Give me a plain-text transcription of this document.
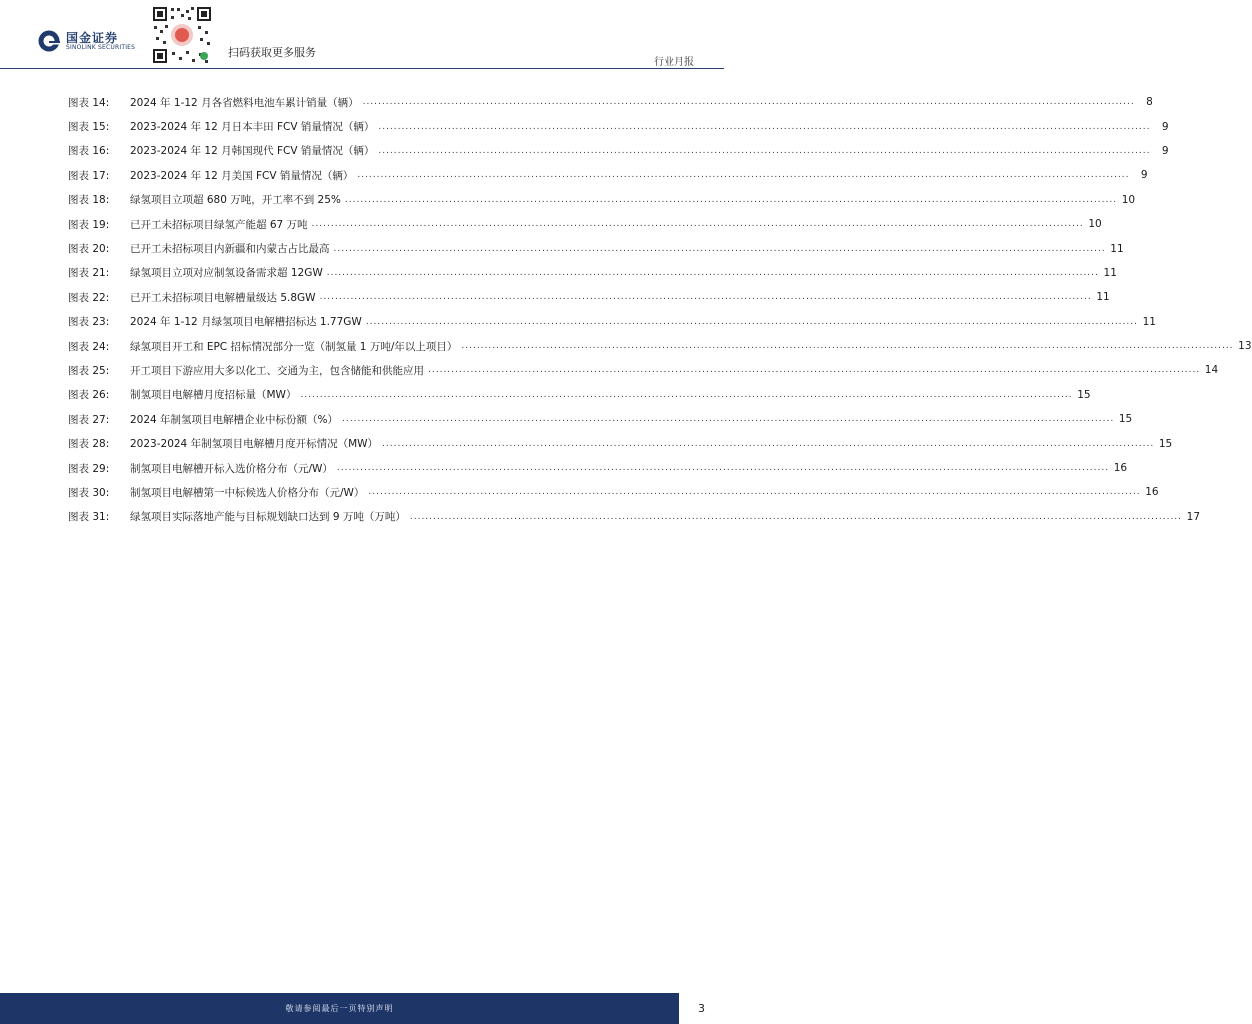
国金证券
SINOLINK SECURITIES	扫码获取更多服务
行业月报
图表 14:	2024 年 1-12 月各省燃料电池车累计销量（辆） ........................................................................................................................................................................................................	8
图表 15:	2023-2024 年 12 月日本丰田 FCV 销量情况（辆） ........................................................................................................................................................................................................	9
图表 16:	2023-2024 年 12 月韩国现代 FCV 销量情况（辆） ........................................................................................................................................................................................................	9
图表 17:	2023-2024 年 12 月美国 FCV 销量情况（辆） ........................................................................................................................................................................................................	9
图表 18:	绿氢项目立项超 680 万吨，开工率不到 25% ........................................................................................................................................................................................................ 10
图表 19:	已开工未招标项目绿氢产能超 67 万吨 ........................................................................................................................................................................................................ 10
图表 20:	已开工未招标项目内新疆和内蒙古占比最高 ........................................................................................................................................................................................................ 11
图表 21:	绿氢项目立项对应制氢设备需求超 12GW ........................................................................................................................................................................................................ 11
图表 22:	已开工未招标项目电解槽量级达 5.8GW ........................................................................................................................................................................................................ 11
图表 23:	2024 年 1-12 月绿氢项目电解槽招标达 1.77GW ........................................................................................................................................................................................................ 11
图表 24:	绿氢项目开工和 EPC 招标情况部分一览（制氢量 1 万吨/年以上项目） ........................................................................................................................................................................................................ 13
图表 25:	开工项目下游应用大多以化工、交通为主，包含储能和供能应用 ........................................................................................................................................................................................................ 14
图表 26:	制氢项目电解槽月度招标量（MW） ........................................................................................................................................................................................................ 15
图表 27:	2024 年制氢项目电解槽企业中标份额（%） ........................................................................................................................................................................................................ 15
图表 28:	2023-2024 年制氢项目电解槽月度开标情况（MW） ........................................................................................................................................................................................................ 15
图表 29:	制氢项目电解槽开标入选价格分布（元/W） ........................................................................................................................................................................................................ 16
图表 30:	制氢项目电解槽第一中标候选人价格分布（元/W） ........................................................................................................................................................................................................ 16
图表 31:	绿氢项目实际落地产能与目标规划缺口达到 9 万吨（万吨） ........................................................................................................................................................................................................ 17
敬请参阅最后一页特别声明	3
